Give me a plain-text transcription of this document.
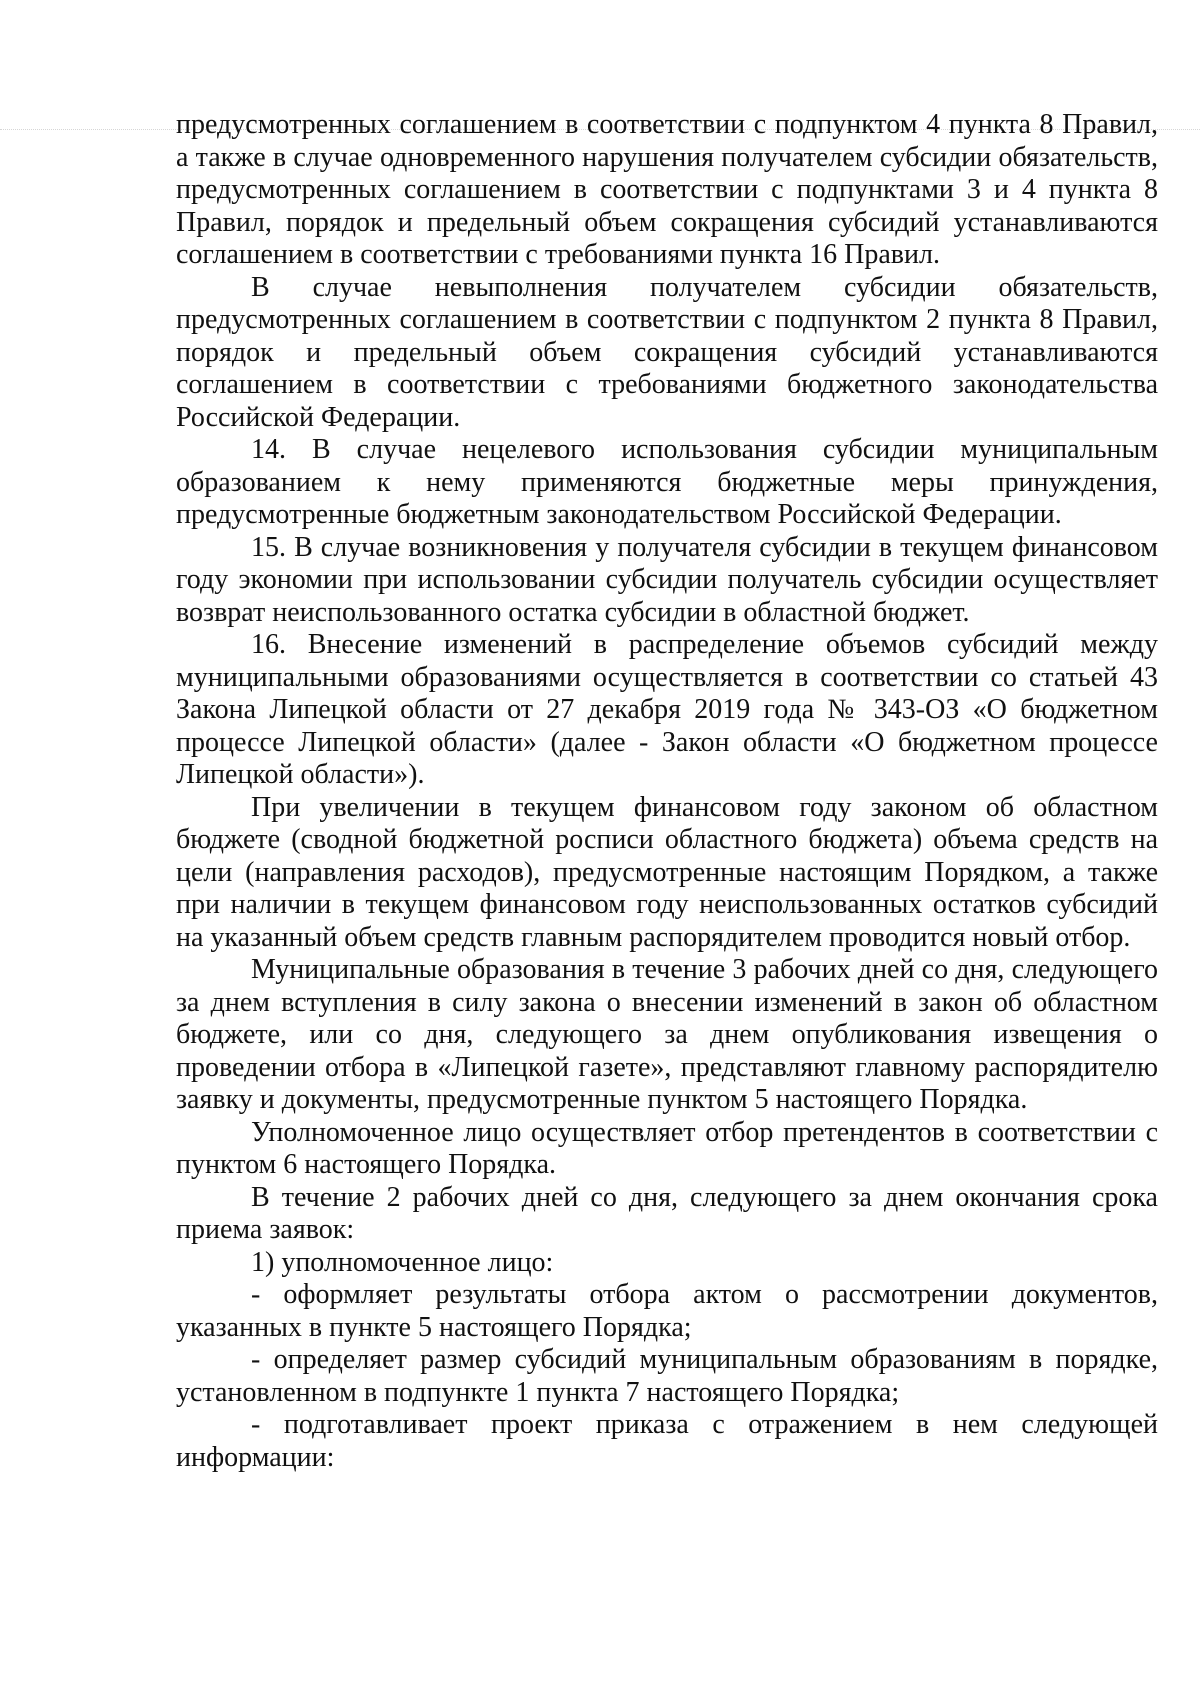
предусмотренных соглашением в соответствии с подпунктом 4 пункта 8 Правил, а также в случае одновременного нарушения получателем субсидии обязательств, предусмотренных соглашением в соответствии с подпунктами 3 и 4 пункта 8 Правил, порядок и предельный объем сокращения субсидий устанавливаются соглашением в соответствии с требованиями пункта 16 Правил.

В случае невыполнения получателем субсидии обязательств, предусмотренных соглашением в соответствии с подпунктом 2 пункта 8 Правил, порядок и предельный объем сокращения субсидий устанавливаются соглашением в соответствии с требованиями бюджетного законодательства Российской Федерации.

14. В случае нецелевого использования субсидии муниципальным образованием к нему применяются бюджетные меры принуждения, предусмотренные бюджетным законодательством Российской Федерации.

15. В случае возникновения у получателя субсидии в текущем финансовом году экономии при использовании субсидии получатель субсидии осуществляет возврат неиспользованного остатка субсидии в областной бюджет.

16. Внесение изменений в распределение объемов субсидий между муниципальными образованиями осуществляется в соответствии со статьей 43 Закона Липецкой области от 27 декабря 2019 года № 343-ОЗ «О бюджетном процессе Липецкой области» (далее - Закон области «О бюджетном процессе Липецкой области»).

При увеличении в текущем финансовом году законом об областном бюджете (сводной бюджетной росписи областного бюджета) объема средств на цели (направления расходов), предусмотренные настоящим Порядком, а также при наличии в текущем финансовом году неиспользованных остатков субсидий на указанный объем средств главным распорядителем проводится новый отбор.

Муниципальные образования в течение 3 рабочих дней со дня, следующего за днем вступления в силу закона о внесении изменений в закон об областном бюджете, или со дня, следующего за днем опубликования извещения о проведении отбора в «Липецкой газете», представляют главному распорядителю заявку и документы, предусмотренные пунктом 5 настоящего Порядка.

Уполномоченное лицо осуществляет отбор претендентов в соответствии с пунктом 6 настоящего Порядка.

В течение 2 рабочих дней со дня, следующего за днем окончания срока приема заявок:

1) уполномоченное лицо:

- оформляет результаты отбора актом о рассмотрении документов, указанных в пункте 5 настоящего Порядка;

- определяет размер субсидий муниципальным образованиям в порядке, установленном в подпункте 1 пункта 7 настоящего Порядка;

- подготавливает проект приказа с отражением в нем следующей информации:
